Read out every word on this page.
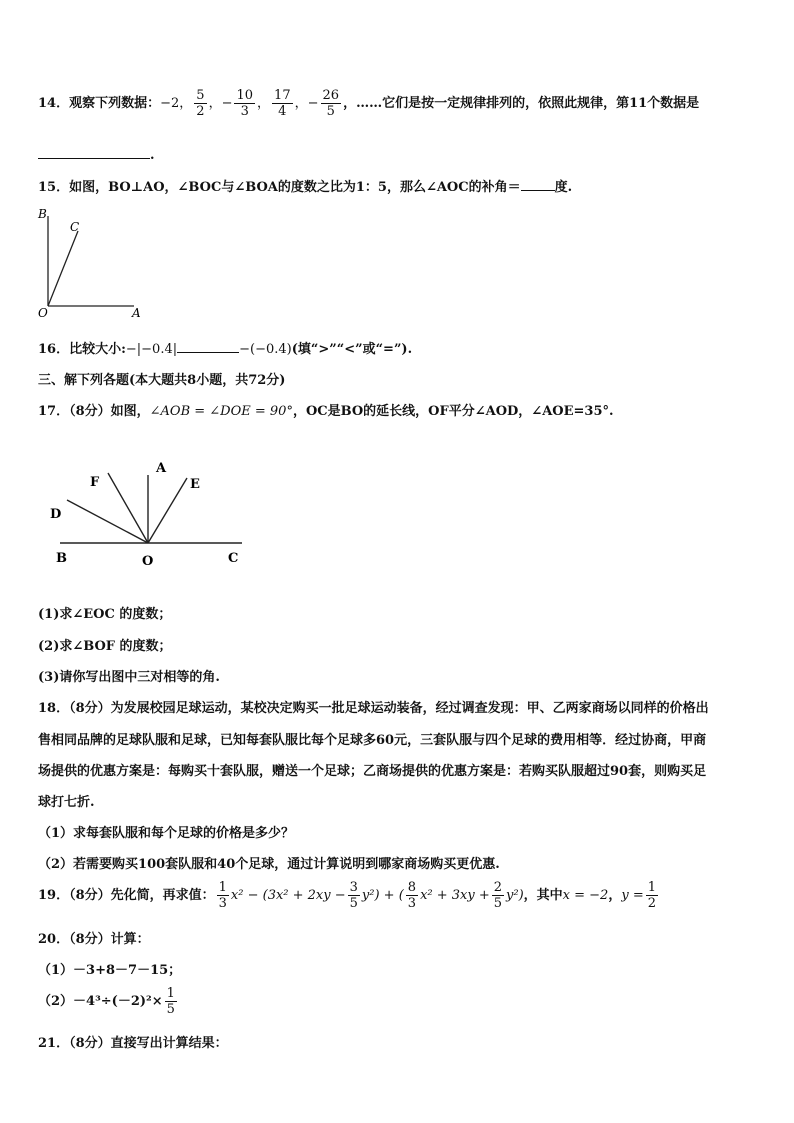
14．观察下列数据：−2， $\frac{5}{2}$ ，− $\frac{10}{3}$ ， $\frac{17}{4}$ ，− $\frac{26}{5}$ ，……它们是按一定规律排列的，依照此规律，第11个数据是
.
15．如图，BO⊥AO，∠BOC与∠BOA的度数之比为1：5，那么∠AOC的补角＝	度.
B
C
O	A
16．比较大小:−|−0.4|	−(−0.4)(填“>”“<”或“=”).
三、解下列各题(本大题共8小题，共72分)
17．（8分）如图，∠AOB = ∠DOE = 90°，OC是BO的延长线，OF平分∠AOD，∠AOE=35°.
A
F	E
D
B	O	C
(1)求∠EOC 的度数；
(2)求∠BOF 的度数；
(3)请你写出图中三对相等的角.
18．（8分）为发展校园足球运动，某校决定购买一批足球运动装备，经过调查发现：甲、乙两家商场以同样的价格出
售相同品牌的足球队服和足球，已知每套队服比每个足球多60元，三套队服与四个足球的费用相等．经过协商，甲商
场提供的优惠方案是：每购买十套队服，赠送一个足球；乙商场提供的优惠方案是：若购买队服超过90套，则购买足
球打七折.
（1）求每套队服和每个足球的价格是多少？
（2）若需要购买100套队服和40个足球，通过计算说明到哪家商场购买更优惠.
19．（8分）先化简，再求值： $\frac{1}{3} x^2 - (3x^2 + 2xy - \frac{3}{5} y^2)$ + ( $\frac{8}{3} x^2 + 3xy + \frac{2}{5} y^2$)，其中x = −2，$y = \frac{1}{2}$
20．（8分）计算：
（1）－3+8－7－15；
$(2)-4^3\div(-2)^2\times \frac{1}{5}$
21．（8分）直接写出计算结果：
